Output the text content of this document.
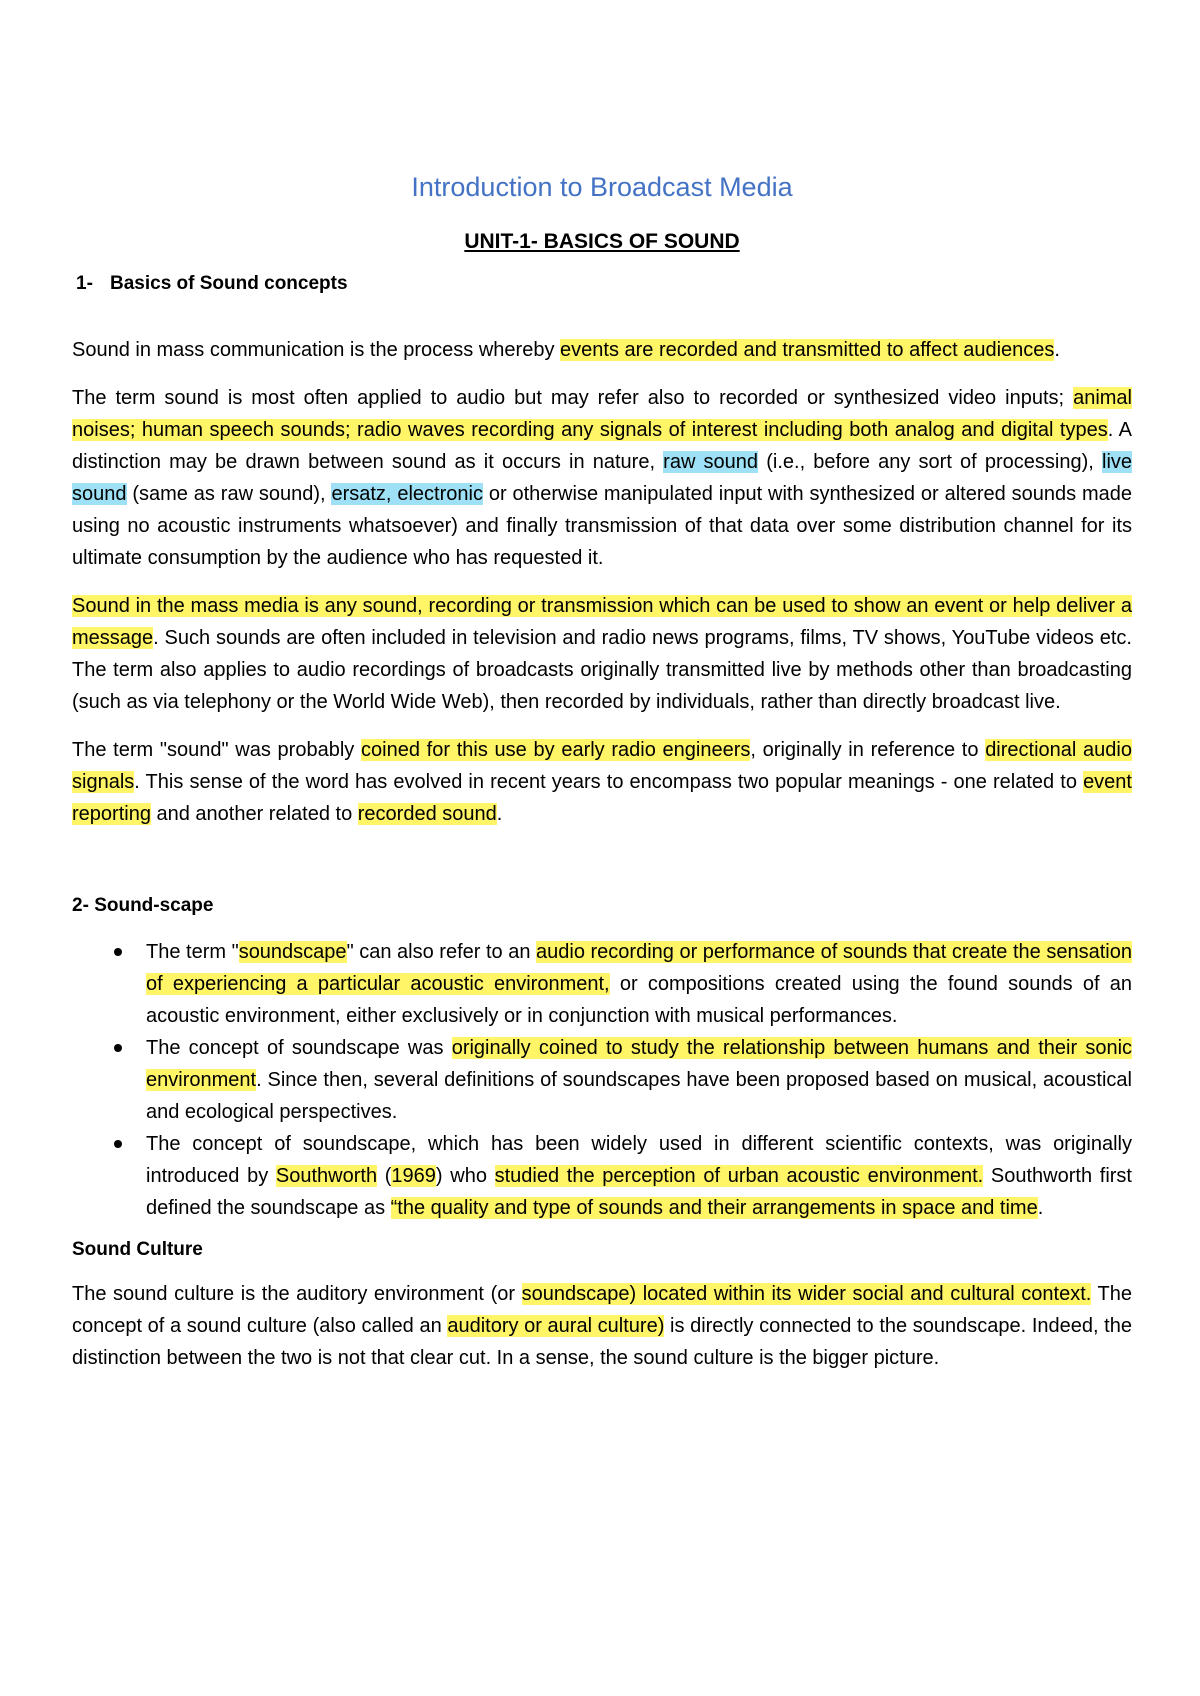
Introduction to Broadcast Media
UNIT-1- BASICS OF SOUND
1- Basics of Sound concepts

Sound in mass communication is the process whereby events are recorded and transmitted to affect audiences.

The term sound is most often applied to audio but may refer also to recorded or synthesized video inputs; animal noises; human speech sounds; radio waves recording any signals of interest including both analog and digital types. A distinction may be drawn between sound as it occurs in nature, raw sound (i.e., before any sort of processing), live sound (same as raw sound), ersatz, electronic or otherwise manipulated input with synthesized or altered sounds made using no acoustic instruments whatsoever) and finally transmission of that data over some distribution channel for its ultimate consumption by the audience who has requested it.

Sound in the mass media is any sound, recording or transmission which can be used to show an event or help deliver a message. Such sounds are often included in television and radio news programs, films, TV shows, YouTube videos etc. The term also applies to audio recordings of broadcasts originally transmitted live by methods other than broadcasting (such as via telephony or the World Wide Web), then recorded by individuals, rather than directly broadcast live.

The term "sound" was probably coined for this use by early radio engineers, originally in reference to directional audio signals. This sense of the word has evolved in recent years to encompass two popular meanings - one related to event reporting and another related to recorded sound.

2- Sound-scape
The term "soundscape" can also refer to an audio recording or performance of sounds that create the sensation of experiencing a particular acoustic environment, or compositions created using the found sounds of an acoustic environment, either exclusively or in conjunction with musical performances.
The concept of soundscape was originally coined to study the relationship between humans and their sonic environment. Since then, several definitions of soundscapes have been proposed based on musical, acoustical and ecological perspectives.
The concept of soundscape, which has been widely used in different scientific contexts, was originally introduced by Southworth (1969) who studied the perception of urban acoustic environment. Southworth first defined the soundscape as “the quality and type of sounds and their arrangements in space and time.
Sound Culture

The sound culture is the auditory environment (or soundscape) located within its wider social and cultural context. The concept of a sound culture (also called an auditory or aural culture) is directly connected to the soundscape. Indeed, the distinction between the two is not that clear cut. In a sense, the sound culture is the bigger picture.
